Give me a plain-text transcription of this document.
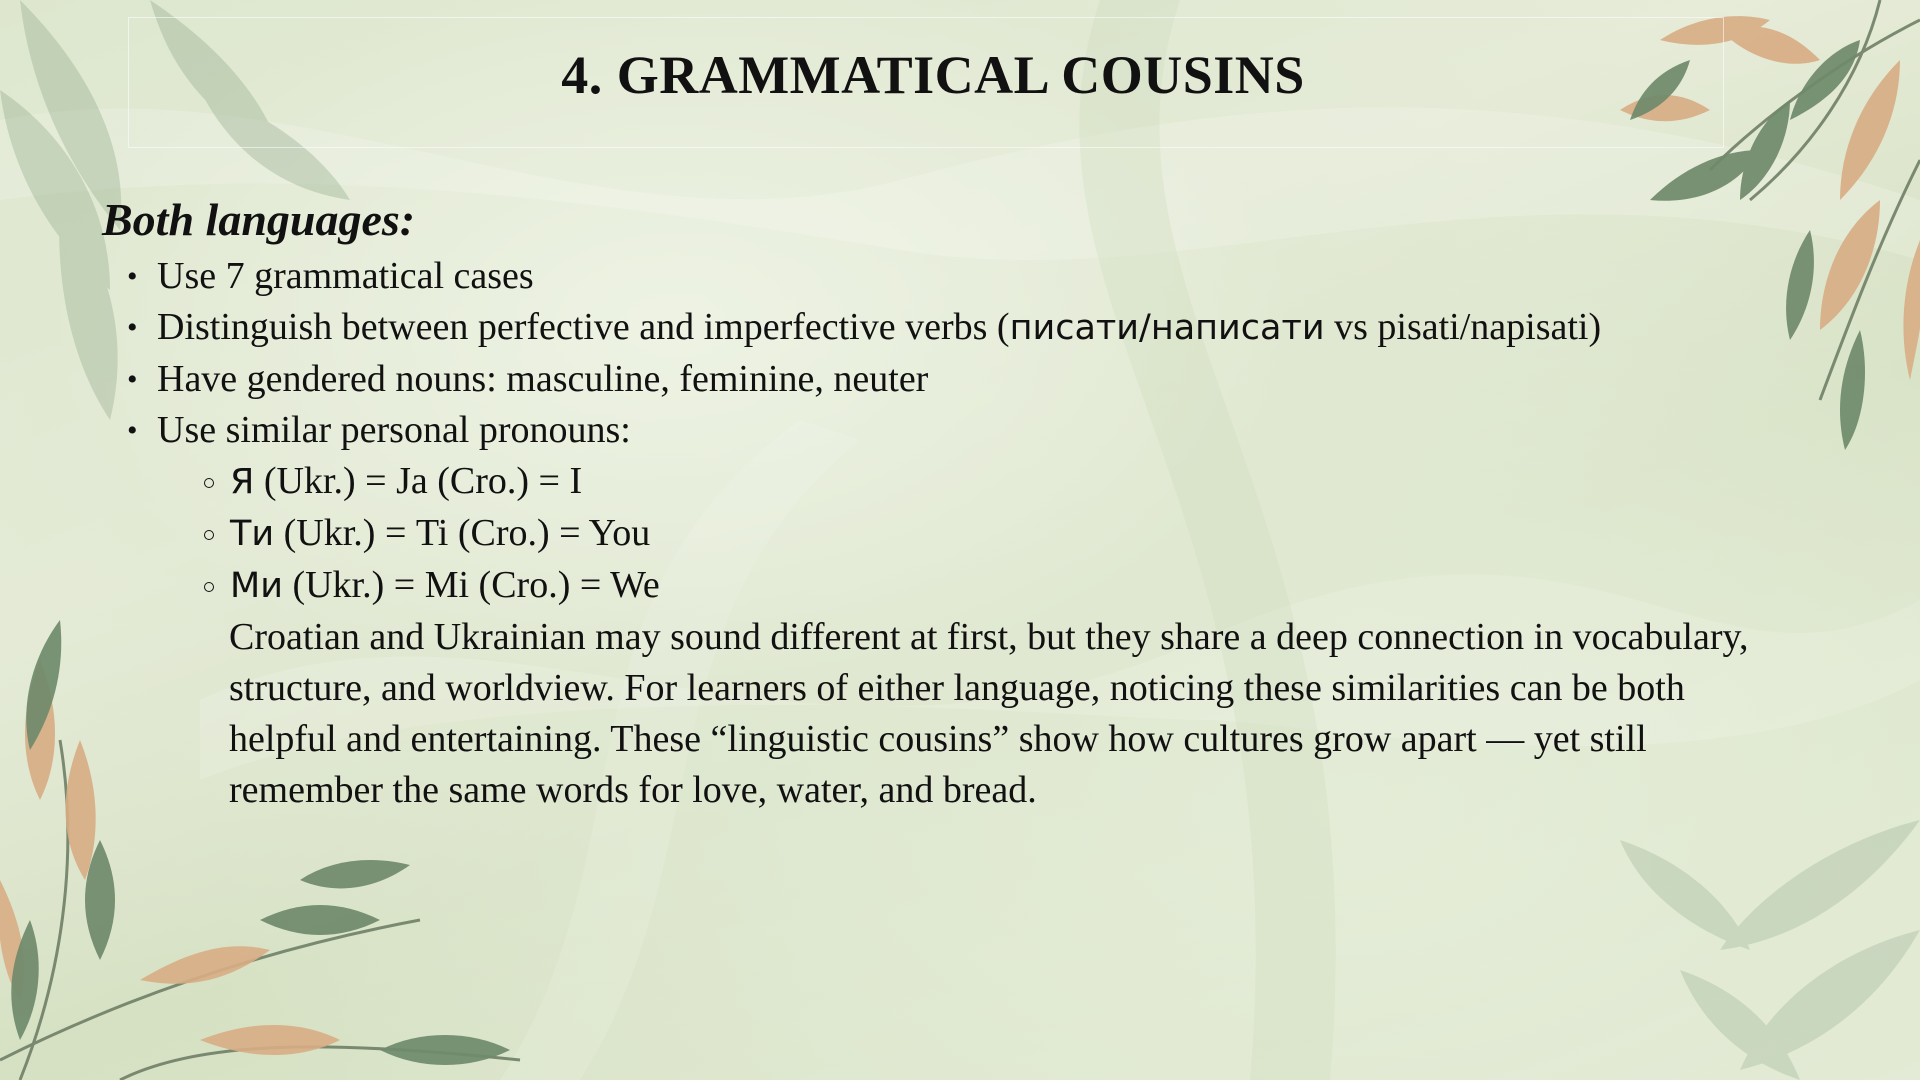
4. GRAMMATICAL COUSINS
Both languages:
• Use 7 grammatical cases
• Distinguish between perfective and imperfective verbs (писати/написати vs pisati/napisati)
• Have gendered nouns: masculine, feminine, neuter
• Use similar personal pronouns:
Я (Ukr.) = Ja (Cro.) = I
Ти (Ukr.) = Ti (Cro.) = You
Ми (Ukr.) = Mi (Cro.) = We

Croatian and Ukrainian may sound different at first, but they share a deep connection in vocabulary, structure, and worldview. For learners of either language, noticing these similarities can be both helpful and entertaining. These “linguistic cousins” show how cultures grow apart — yet still remember the same words for love, water, and bread.
